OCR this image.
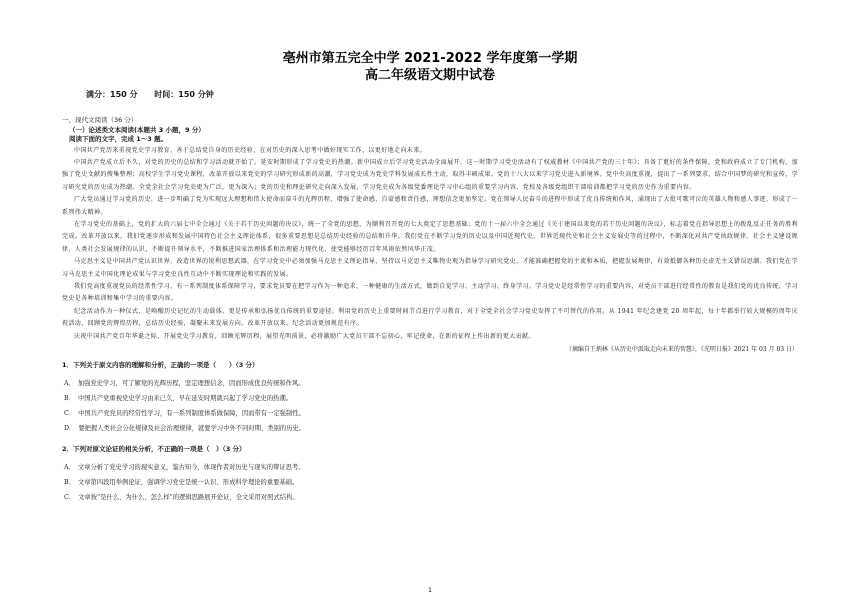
亳州市第五完全中学 2021-2022 学年度第一学期
高二年级语文期中试卷
满分：150 分 时间：150 分钟
一、现代文阅读（36 分）
（一）论述类文本阅读(本题共 3 小题，9 分）
阅读下面的文字，完成 1～3 题。

中国共产党历来重视党史学习教育，善于总结党自身的历史经验，在对历史的深入思考中做好现实工作，以更好地走向未来。

中国共产党成立后不久，对党的历史的总结和学习活动就开始了。延安时期形成了学习党史的热潮。新中国成立后学习党史活动全面展开。这一时期学习党史活动有了权威教材《中国共产党的三十年》；具备了更好的条件保障，党和政府成立了专门机构，加强了党史文献的搜集整理；高校学生学习党史课程，改革开放以来党史的学习研究形成新的高潮，学习党史成为党史学科发展成长性主动，取得丰硕成果。党的十八大以来学习党史进入新境界。党中央高度重视，提出了一系列要求，结合中国梦的研究和宣传，学习研究党的历史成为热潮。全党全社会学习党史更为广泛，更为深入；党的历史和理论研究走向深入发展，学习党史成为各级党委理论学习中心组的重要学习内容，党校及各级党组织干部培训都把学习党的历史作为重要内容。

广大党员通过学习党的历史，进一步明确了党为实现远大理想和伟大使命而奋斗的光辉历程，增强了使命感、自豪感和责任感，理想信念更加坚定。党在领导人民奋斗的进程中形成了优良传统和作风，涌现出了大批可歌可泣的英雄人物和感人事迹，形成了一系列伟大精神。

在学习党史的基础上，党的扩大的六届七中全会通过《关于若干历史问题的决议》，统一了全党的思想，为顺利召开党的七大奠定了思想基础；党的十一届六中全会通过《关于建国以来党的若干历史问题的决议》，标志着党在指导思想上的拨乱反正任务的胜利完成。改革开放以来，我们党逐步形成和发展中国特色社会主义理论体系，很多重要思想是总结历史经验的总结和升华。我们党在不断学习党的历史以及中国近现代史、世界近现代史和社会主义发展史等的过程中，不断深化对共产党执政规律、社会主义建设规律、人类社会发展规律的认识，不断提升领导水平，不断推进国家治理体系和治理能力现代化，使党能够经历百年风雨依然风华正茂。

马克思主义是中国共产党认识世界、改造世界的锐利思想武器，在学习党史中必须加强马克思主义理论指导，坚持以马克思主义唯物史观为指导学习研究党史，才能准确把握党的主流和本质，把握发展规律，有效抵御各种历史虚无主义错误思潮。我们党在学习马克思主义中国化理论成果与学习党史良性互动中不断实现理论和实践的发展。

我们党高度重视党员的经常性学习，有一系列制度体系保障学习，要求党员要在把学习作为一种追求、一种健康的生活方式，做到自觉学习、主动学习、终身学习。学习党史是经常性学习的重要内容，对党员干部进行经常性的教育是我们党的优良传统，学习党史是各种培训和集中学习的重要内容。

纪念活动作为一种仪式，是唤醒历史记忆的生动载体，更是传承和弘扬优良传统的重要途径。利用党的历史上重要时间节点进行学习教育，对于全党全社会学习党史发挥了不可替代的作用。从 1941 年纪念建党 20 周年起，每十年都举行较大规模的周年庆祝活动，回顾党的辉煌历程，总结历史经验，凝聚未来发展方向。改革开放以来，纪念活动更加规范有序。

庆祝中国共产党百年华诞之际，开展党史学习教育，回顾光辉历程，展望光明前景，必将激励广大党员干部不忘初心，牢记使命，在新的征程上作出新的更大贡献。

（摘编自王炳林《从历史中汲取走向未来的智慧》，《光明日报》2021 年 03 月 03 日）
1．下列关于原文内容的理解和分析，正确的一项是（　　）（3 分）
A． 加强党史学习，可了解党的光辉历程，坚定理想信念，因而形成优良传统和作风。
B． 中国共产党重视党史学习由来已久，早在延安时期就兴起了学习党史的热潮。
C． 中国共产党党员的经常性学习，有一系列制度体系做保障，因而带有一定强制性。
D． 要把握人类社会分化规律及社会治理规律，就要学习中外不同时期、类别的历史。
2．下列对原文论证的相关分析，不正确的一项是（　）（3 分）
A． 文章分析了党史学习的现实意义，鉴古知今，体现作者对历史与现实的辩证思考。
B． 文章第四段用举例论证，强调学习党史是统一认识、形成科学理论的重要基础。
C． 文章按“是什么、为什么、怎么样”的逻辑思路展开论证，全文采用对照式结构。
1
